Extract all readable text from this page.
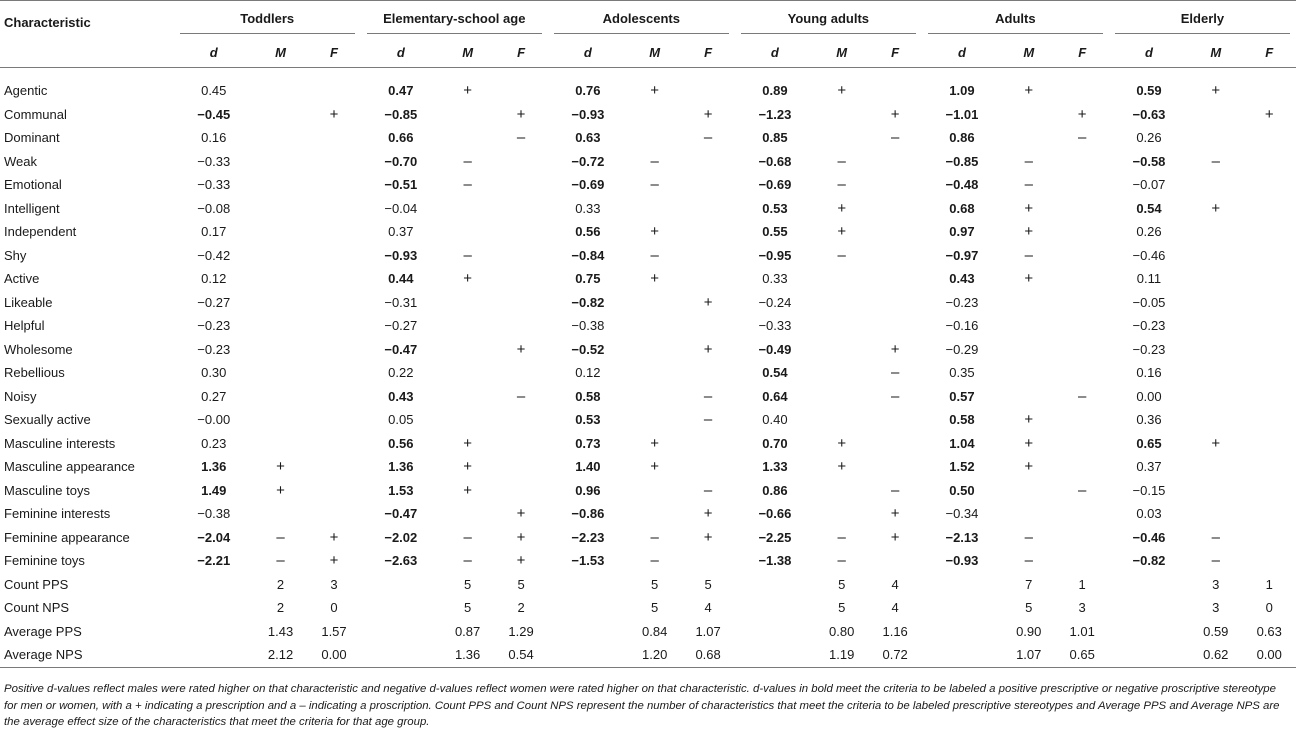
Characteristic	Toddlers			Elementary-school age			Adolescents			Young adults			Adults			Elderly		

	d	M	F	d	M	F	d	M	F	d	M	F	d	M	F	d	M	F

Agentic	0.45			0.47	+		0.76	+		0.89	+		1.09	+		0.59	+	
Communal	−0.45		+	−0.85		+	−0.93		+	−1.23		+	−1.01		+	−0.63		+
Dominant	0.16			0.66		–	0.63		–	0.85		–	0.86		–	0.26		
Weak	−0.33			−0.70	–		−0.72	–		−0.68	–		−0.85	–		−0.58	–	
Emotional	−0.33			−0.51	–		−0.69	–		−0.69	–		−0.48	–		−0.07		
Intelligent	−0.08			−0.04			0.33			0.53	+		0.68	+		0.54	+	
Independent	0.17			0.37			0.56	+		0.55	+		0.97	+		0.26		
Shy	−0.42			−0.93	–		−0.84	–		−0.95	–		−0.97	–		−0.46		
Active	0.12			0.44	+		0.75	+		0.33			0.43	+		0.11		
Likeable	−0.27			−0.31			−0.82		+	−0.24			−0.23			−0.05		
Helpful	−0.23			−0.27			−0.38			−0.33			−0.16			−0.23		
Wholesome	−0.23			−0.47		+	−0.52		+	−0.49		+	−0.29			−0.23		
Rebellious	0.30			0.22			0.12			0.54		–	0.35			0.16		
Noisy	0.27			0.43		–	0.58		–	0.64		–	0.57		–	0.00		
Sexually active	−0.00			0.05			0.53		–	0.40			0.58	+		0.36		
Masculine interests	0.23			0.56	+		0.73	+		0.70	+		1.04	+		0.65	+	
Masculine appearance	1.36	+		1.36	+		1.40	+		1.33	+		1.52	+		0.37		
Masculine toys	1.49	+		1.53	+		0.96		–	0.86		–	0.50		–	−0.15		
Feminine interests	−0.38			−0.47		+	−0.86		+	−0.66		+	−0.34			0.03		
Feminine appearance	−2.04	–	+	−2.02	–	+	−2.23	–	+	−2.25	–	+	−2.13	–		−0.46	–	
Feminine toys	−2.21	–	+	−2.63	–	+	−1.53	–		−1.38	–		−0.93	–		−0.82	–	
Count PPS		2	3		5	5		5	5		5	4		7	1		3	1
Count NPS		2	0		5	2		5	4		5	4		5	3		3	0
Average PPS		1.43	1.57		0.87	1.29		0.84	1.07		0.80	1.16		0.90	1.01		0.59	0.63
Average NPS		2.12	0.00		1.36	0.54		1.20	0.68		1.19	0.72		1.07	0.65		0.62	0.00
Positive d-values reflect males were rated higher on that characteristic and negative d-values reflect women were rated higher on that characteristic. d-values in bold meet the criteria to be labeled a positive prescriptive or negative proscriptive stereotype for men or women, with a + indicating a prescription and a – indicating a proscription. Count PPS and Count NPS represent the number of characteristics that meet the criteria to be labeled prescriptive stereotypes and Average PPS and Average NPS are the average effect size of the characteristics that meet the criteria for that age group.
